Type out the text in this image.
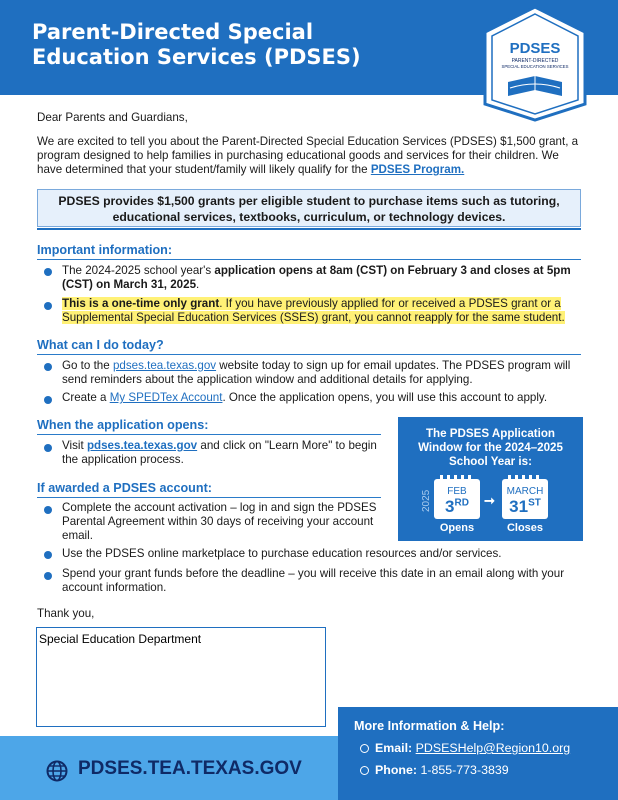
Parent-Directed Special
Education Services (PDSES)	PDSES
PARENT-DIRECTED
SPECIAL EDUCATION SERVICES
Dear Parents and Guardians,
We are excited to tell you about the Parent-Directed Special Education Services (PDSES) $1,500 grant, a
program designed to help families in purchasing educational goods and services for their children. We
have determined that your student/family will likely qualify for the PDSES Program.
PDSES provides $1,500 grants per eligible student to purchase items such as tutoring,
educational services, textbooks, curriculum, or technology devices.
Important information:
The 2024-2025 school year's application opens at 8am (CST) on February 3 and closes at 5pm
(CST) on March 31, 2025.
This is a one-time only grant. If you have previously applied for or received a PDSES grant or a
Supplemental Special Education Services (SSES) grant, you cannot reapply for the same student.
What can I do today?
Go to the pdses.tea.texas.gov website today to sign up for email updates. The PDSES program will
send reminders about the application window and additional details for applying.
Create a My SPEDTex Account. Once the application opens, you will use this account to apply.
When the application opens:
Visit pdses.tea.texas.gov and click on "Learn More" to begin
the application process.
If awarded a PDSES account:
Complete the account activation – log in and sign the PDSES
Parental Agreement within 30 days of receiving your account
email.
Use the PDSES online marketplace to purchase education resources and/or services.
Spend your grant funds before the deadline – you will receive this date in an email along with your
account information.
The PDSES Application
Window for the 2024–2025
School Year is:
FEB
3RD	➞
MARCH
31ST
Opens	Closes
2025
Thank you,
Special Education Department
PDSES.TEA.TEXAS.GOV
More Information & Help:
Email: PDSESHelp@Region10.org
Phone: 1-855-773-3839
